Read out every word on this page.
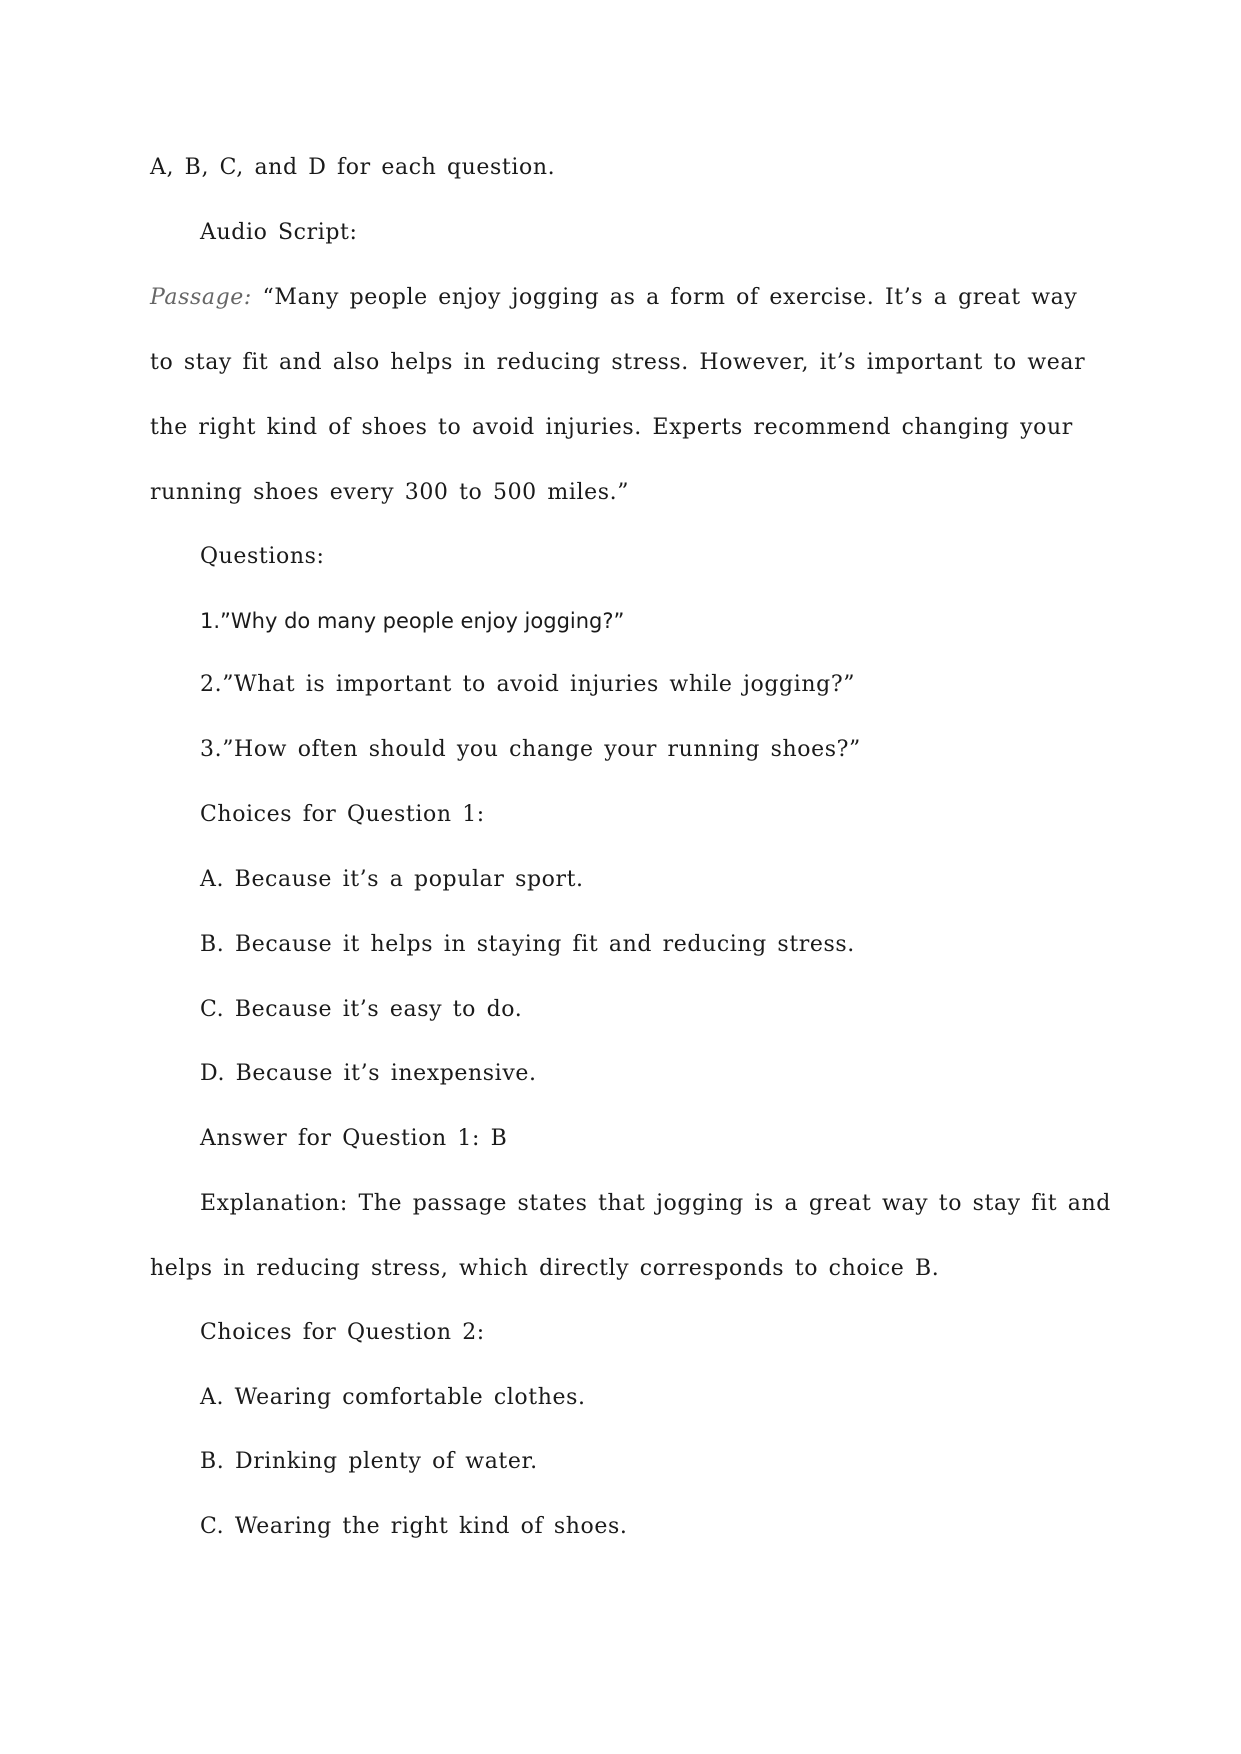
A, B, C, and D for each question.

Audio Script:

Passage: “Many people enjoy jogging as a form of exercise. It’s a great way

to stay fit and also helps in reducing stress. However, it’s important to wear

the right kind of shoes to avoid injuries. Experts recommend changing your

running shoes every 300 to 500 miles.”

Questions:

1.”Why do many people enjoy jogging?”

2.”What is important to avoid injuries while jogging?”

3.”How often should you change your running shoes?”

Choices for Question 1:

A. Because it’s a popular sport.

B. Because it helps in staying fit and reducing stress.

C. Because it’s easy to do.

D. Because it’s inexpensive.

Answer for Question 1: B

Explanation: The passage states that jogging is a great way to stay fit and

helps in reducing stress, which directly corresponds to choice B.

Choices for Question 2:

A. Wearing comfortable clothes.

B. Drinking plenty of water.

C. Wearing the right kind of shoes.
